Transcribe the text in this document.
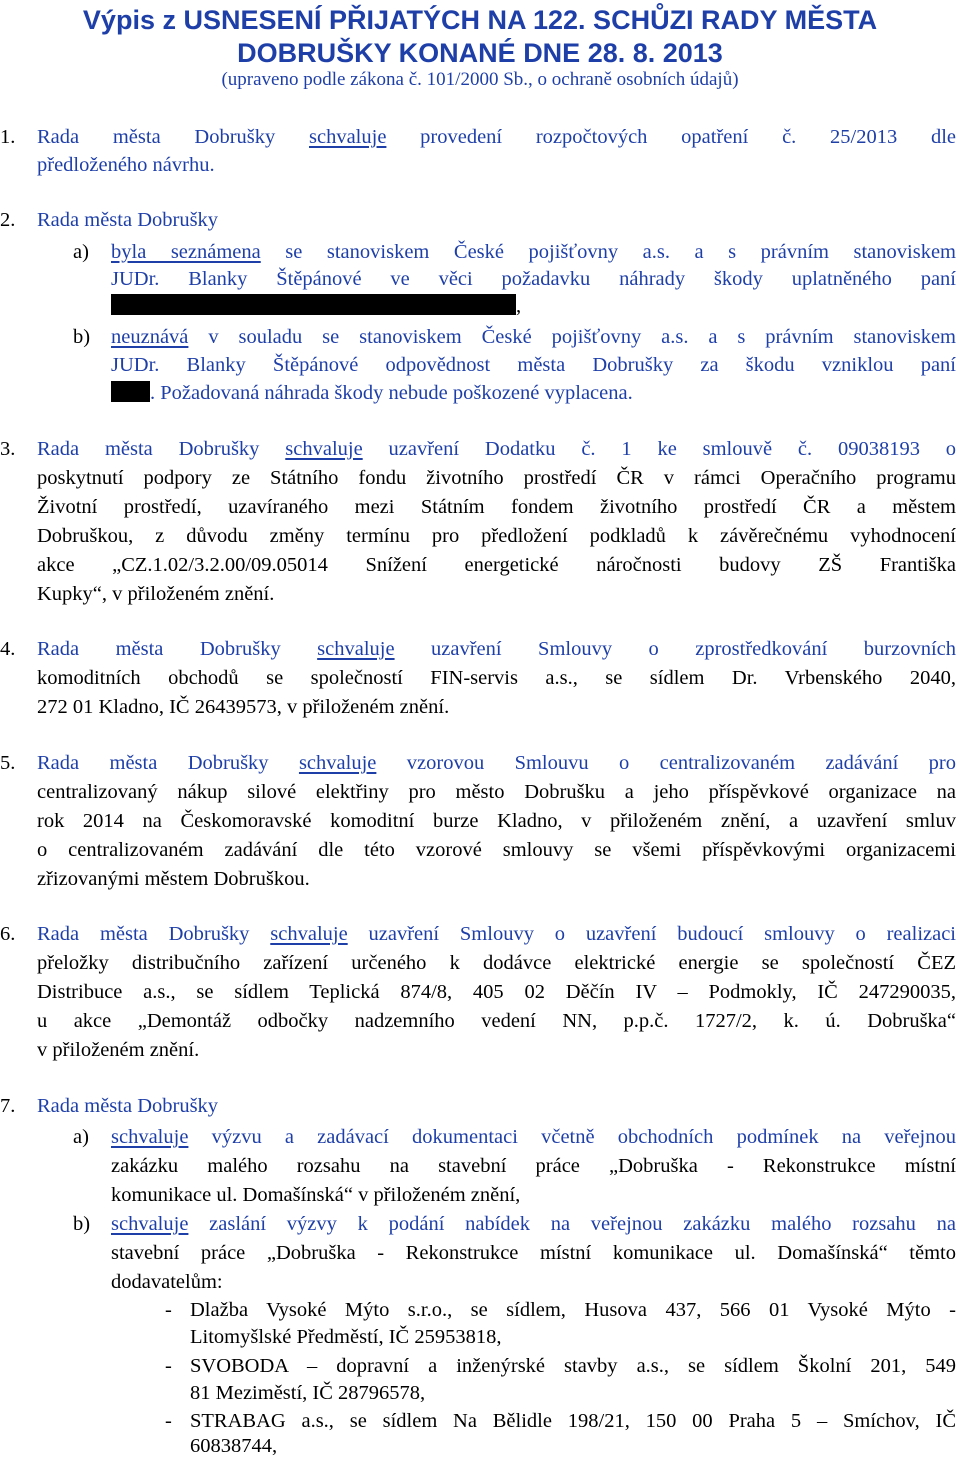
Výpis z USNESENÍ PŘIJATÝCH NA 122. SCHŮZI RADY MĚSTA
DOBRUŠKY KONANÉ DNE 28. 8. 2013
(upraveno podle zákona č. 101/2000 Sb., o ochraně osobních údajů)
1. Rada města Dobrušky schvaluje provedení rozpočtových opatření č. 25/2013 dle
předloženého návrhu.
2. Rada města Dobrušky
a) byla seznámena se stanoviskem České pojišťovny a.s. a s právním stanoviskem
JUDr. Blanky Štěpánové ve věci požadavku náhrady škody uplatněného paní
,
b) neuznává v souladu se stanoviskem České pojišťovny a.s. a s právním stanoviskem
JUDr. Blanky Štěpánové odpovědnost města Dobrušky za škodu vzniklou paní
. Požadovaná náhrada škody nebude poškozené vyplacena.
3. Rada města Dobrušky schvaluje uzavření Dodatku č. 1 ke smlouvě č. 09038193 o
poskytnutí podpory ze Státního fondu životního prostředí ČR v rámci Operačního programu
Životní prostředí, uzavíraného mezi Státním fondem životního prostředí ČR a městem
Dobruškou, z důvodu změny termínu pro předložení podkladů k závěrečnému vyhodnocení
akce „CZ.1.02/3.2.00/09.05014 Snížení energetické náročnosti budovy ZŠ Františka
Kupky“, v přiloženém znění.
4. Rada města Dobrušky schvaluje uzavření Smlouvy o zprostředkování burzovních
komoditních obchodů se společností FIN-servis a.s., se sídlem Dr. Vrbenského 2040,
272 01 Kladno, IČ 26439573, v přiloženém znění.
5. Rada města Dobrušky schvaluje vzorovou Smlouvu o centralizovaném zadávání pro
centralizovaný nákup silové elektřiny pro město Dobrušku a jeho příspěvkové organizace na
rok 2014 na Českomoravské komoditní burze Kladno, v přiloženém znění, a uzavření smluv
o centralizovaném zadávání dle této vzorové smlouvy se všemi příspěvkovými organizacemi
zřizovanými městem Dobruškou.
6. Rada města Dobrušky schvaluje uzavření Smlouvy o uzavření budoucí smlouvy o realizaci
přeložky distribučního zařízení určeného k dodávce elektrické energie se společností ČEZ
Distribuce a.s., se sídlem Teplická 874/8, 405 02 Děčín IV – Podmokly, IČ 247290035,
u akce „Demontáž odbočky nadzemního vedení NN, p.p.č. 1727/2, k. ú. Dobruška“
v přiloženém znění.
7. Rada města Dobrušky
a) schvaluje výzvu a zadávací dokumentaci včetně obchodních podmínek na veřejnou
zakázku malého rozsahu na stavební práce „Dobruška - Rekonstrukce místní
komunikace ul. Domašínská“ v přiloženém znění,
b) schvaluje zaslání výzvy k podání nabídek na veřejnou zakázku malého rozsahu na
stavební práce „Dobruška - Rekonstrukce místní komunikace ul. Domašínská“ těmto
dodavatelům:
- Dlažba Vysoké Mýto s.r.o., se sídlem, Husova 437, 566 01 Vysoké Mýto -
Litomyšlské Předměstí, IČ 25953818,
- SVOBODA – dopravní a inženýrské stavby a.s., se sídlem Školní 201, 549
81 Meziměstí, IČ 28796578,
- STRABAG a.s., se sídlem Na Bělidle 198/21, 150 00 Praha 5 – Smíchov, IČ
60838744,
